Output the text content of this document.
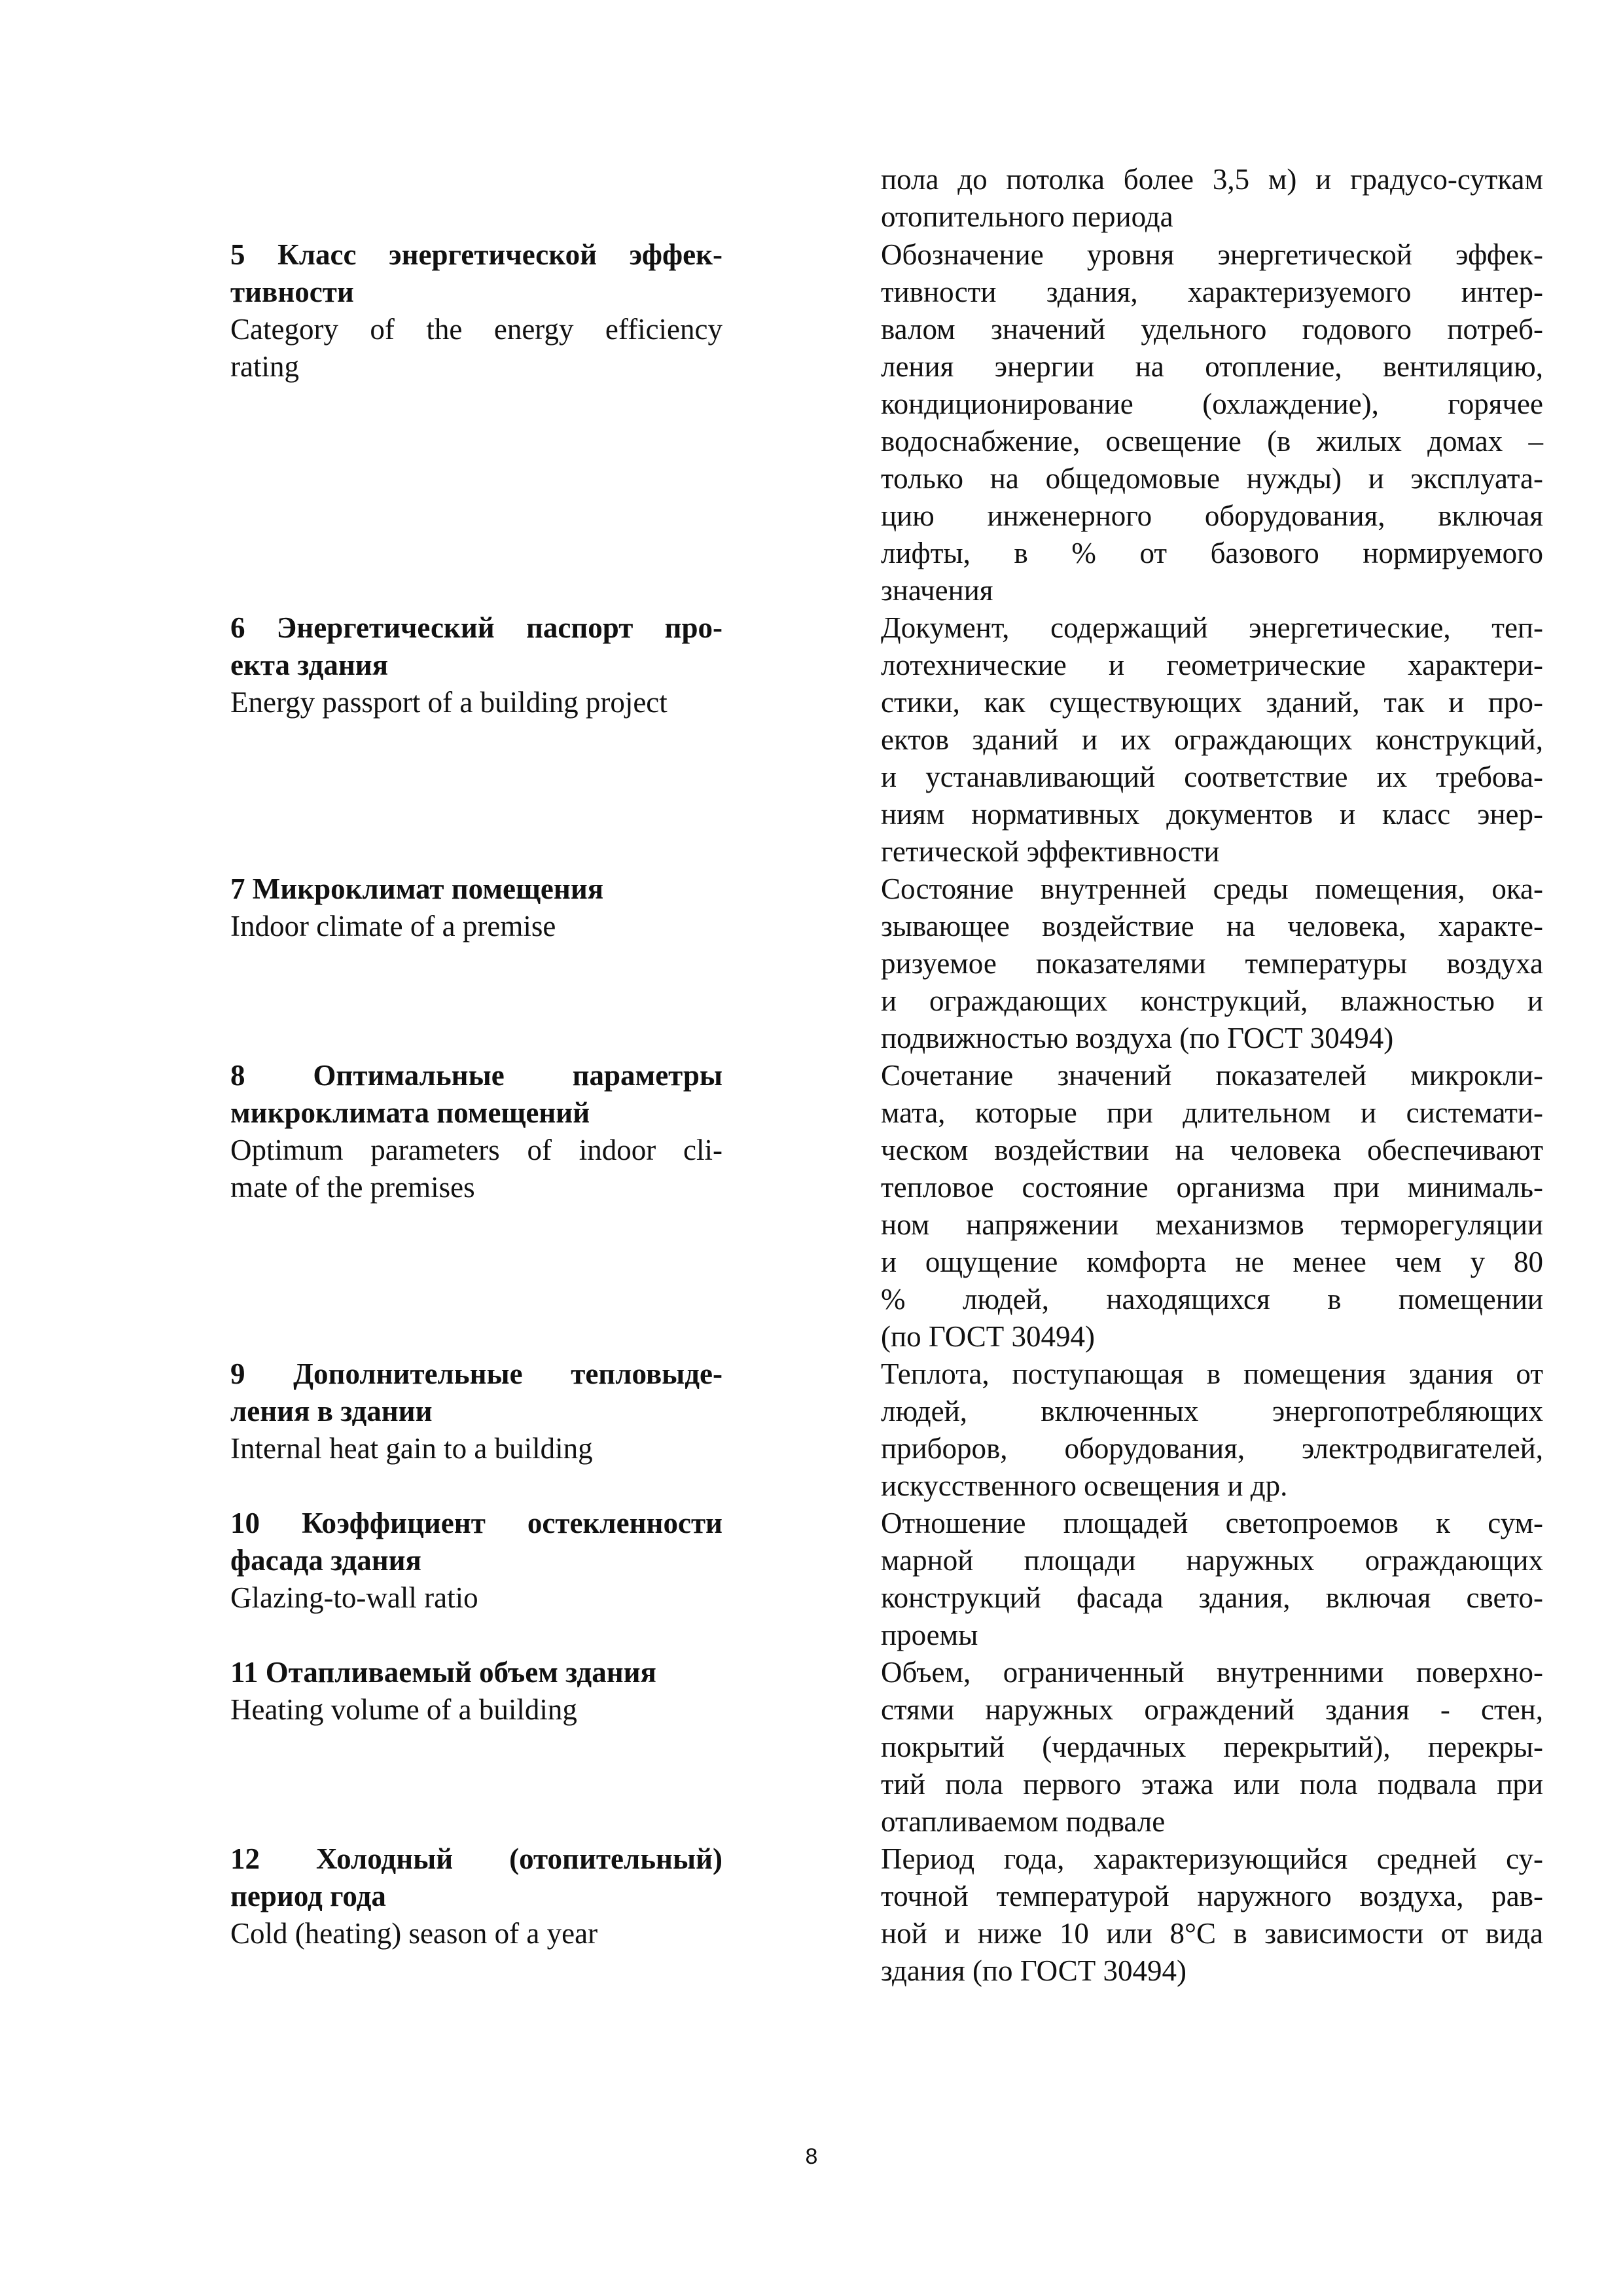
пола до потолка более 3,5 м) и градусо-суткам
отопительного периода
5 Класс энергетической эффек-
тивности
Category of the energy efficiency
rating
Обозначение уровня энергетической эффек-
тивности здания, характеризуемого интер-
валом значений удельного годового потреб-
ления энергии на отопление, вентиляцию,
кондиционирование (охлаждение), горячее
водоснабжение, освещение (в жилых домах –
только на общедомовые нужды) и эксплуата-
цию инженерного оборудования, включая
лифты, в % от базового нормируемого
значения
6 Энергетический паспорт про-
екта здания
Energy passport of a building project
Документ, содержащий энергетические, теп-
лотехнические и геометрические характери-
стики, как существующих зданий, так и про-
ектов зданий и их ограждающих конструкций,
и устанавливающий соответствие их требова-
ниям нормативных документов и класс энер-
гетической эффективности
7 Микроклимат помещения
Indoor climate of a premise
Состояние внутренней среды помещения, ока-
зывающее воздействие на человека, характе-
ризуемое показателями температуры воздуха
и ограждающих конструкций, влажностью и
подвижностью воздуха (по ГОСТ 30494)
8 Оптимальные параметры
микроклимата помещений
Optimum parameters of indoor cli-
mate of the premises
Сочетание значений показателей микрокли-
мата, которые при длительном и системати-
ческом воздействии на человека обеспечивают
тепловое состояние организма при минималь-
ном напряжении механизмов терморегуляции
и ощущение комфорта не менее чем у 80
% людей, находящихся в помещении
(по ГОСТ 30494)
9 Дополнительные тепловыде-
ления в здании
Internal heat gain to a building
Теплота, поступающая в помещения здания от
людей, включенных энергопотребляющих
приборов, оборудования, электродвигателей,
искусственного освещения и др.
10 Коэффициент остекленности
фасада здания
Glazing-to-wall ratio
Отношение площадей светопроемов к сум-
марной площади наружных ограждающих
конструкций фасада здания, включая свето-
проемы
11 Отапливаемый объем здания
Heating volume of a building
Объем, ограниченный внутренними поверхно-
стями наружных ограждений здания - стен,
покрытий (чердачных перекрытий), перекры-
тий пола первого этажа или пола подвала при
отапливаемом подвале
12 Холодный (отопительный)
период года
Cold (heating) season of a year
Период года, характеризующийся средней су-
точной температурой наружного воздуха, рав-
ной и ниже 10 или 8°С в зависимости от вида
здания (по ГОСТ 30494)
8
